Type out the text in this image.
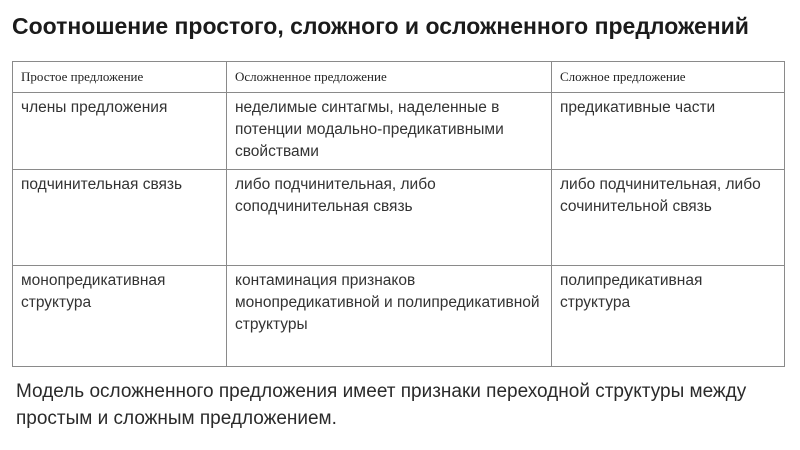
Соотношение простого, сложного и осложненного предложений
Простое предложение	Осложненное предложение	Сложное предложение
члены предложения	неделимые синтагмы, наделенные в потенции модально-предикативными свойствами	предикативные части
подчинительная связь	либо подчинительная, либо соподчинительная связь	либо подчинительная, либо сочинительной связь
монопредикативная структура	контаминация признаков монопредикативной и полипредикативной структуры	полипредикативная структура

Модель осложненного предложения имеет признаки переходной структуры между простым и сложным предложением.
